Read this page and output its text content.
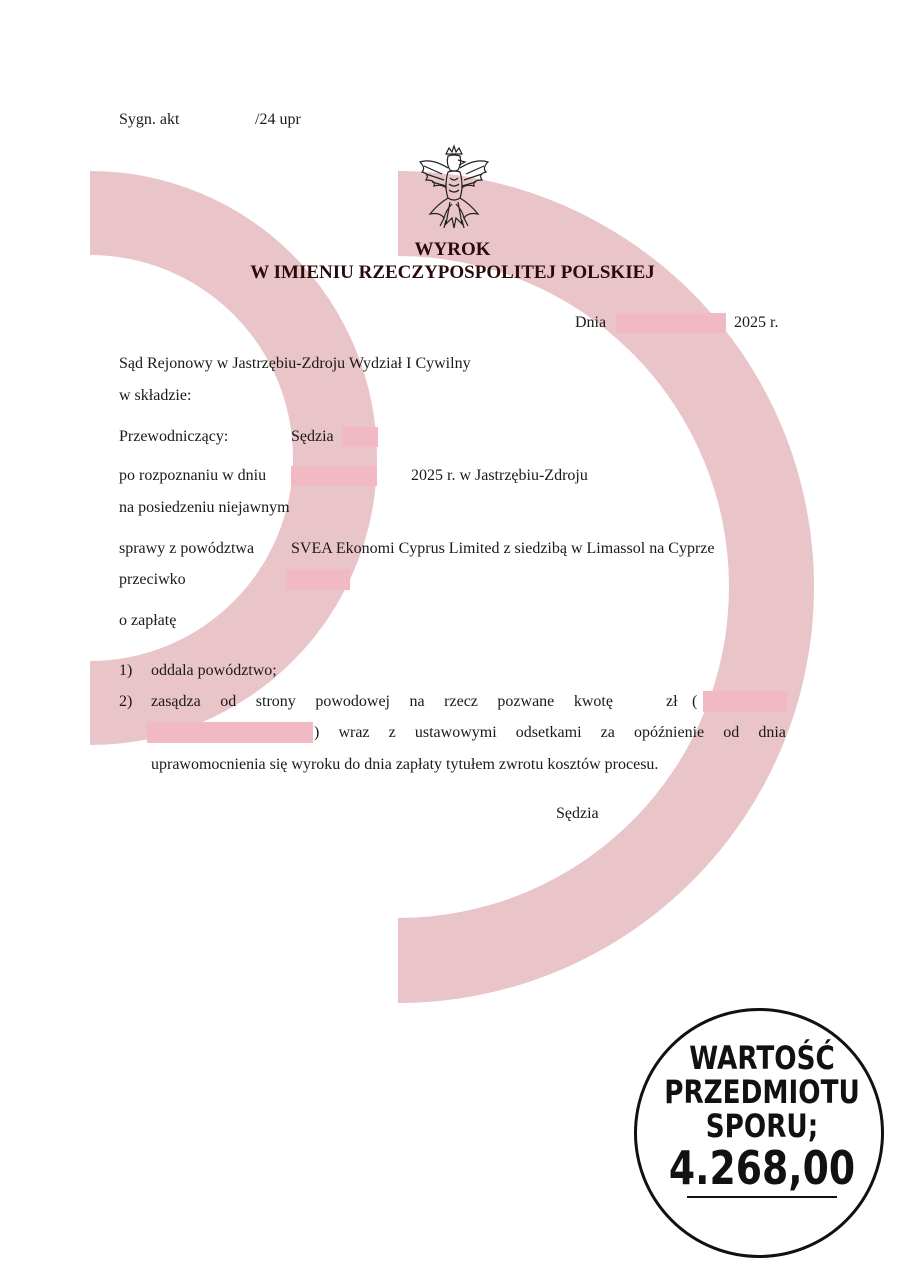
Sygn. akt	/24 upr
WYROK
W IMIENIU RZECZYPOSPOLITEJ POLSKIEJ
Dnia	2025 r.
Sąd Rejonowy w Jastrzębiu-Zdroju Wydział I Cywilny
w składzie:
Przewodniczący:	Sędzia
po rozpoznaniu w dniu	2025 r. w Jastrzębiu-Zdroju
na posiedzeniu niejawnym
sprawy z powództwa SVEA Ekonomi Cyprus Limited z siedzibą w Limassol na Cyprze
przeciwko
o zapłatę
1) oddala powództwo;
2) zasądza od strony powodowej na rzecz pozwane kwotę	zł (
) wraz z ustawowymi odsetkami za opóźnienie od dnia
uprawomocnienia się wyroku do dnia zapłaty tytułem zwrotu kosztów procesu.
Sędzia
WARTOŚĆ
PRZEDMIOTU
SPORU;
4.268,00
